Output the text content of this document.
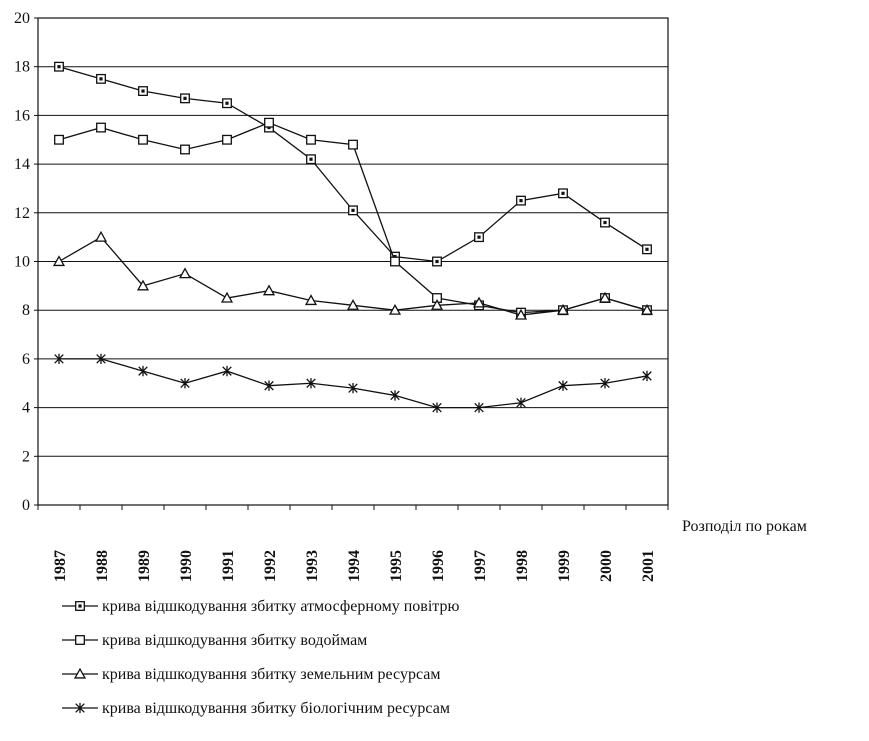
0
2
4
6
8
10
12
14
16
18
20
1987 1988 1989 1990 1991 1992 1993 1994 1995 1996 1997 1998 1999 2000 2001
Розподіл по рокам
крива відшкодування збитку атмосферному повітрю
крива відшкодування збитку водоймам
крива відшкодування збитку земельним ресурсам
крива відшкодування збитку біологічним ресурсам
